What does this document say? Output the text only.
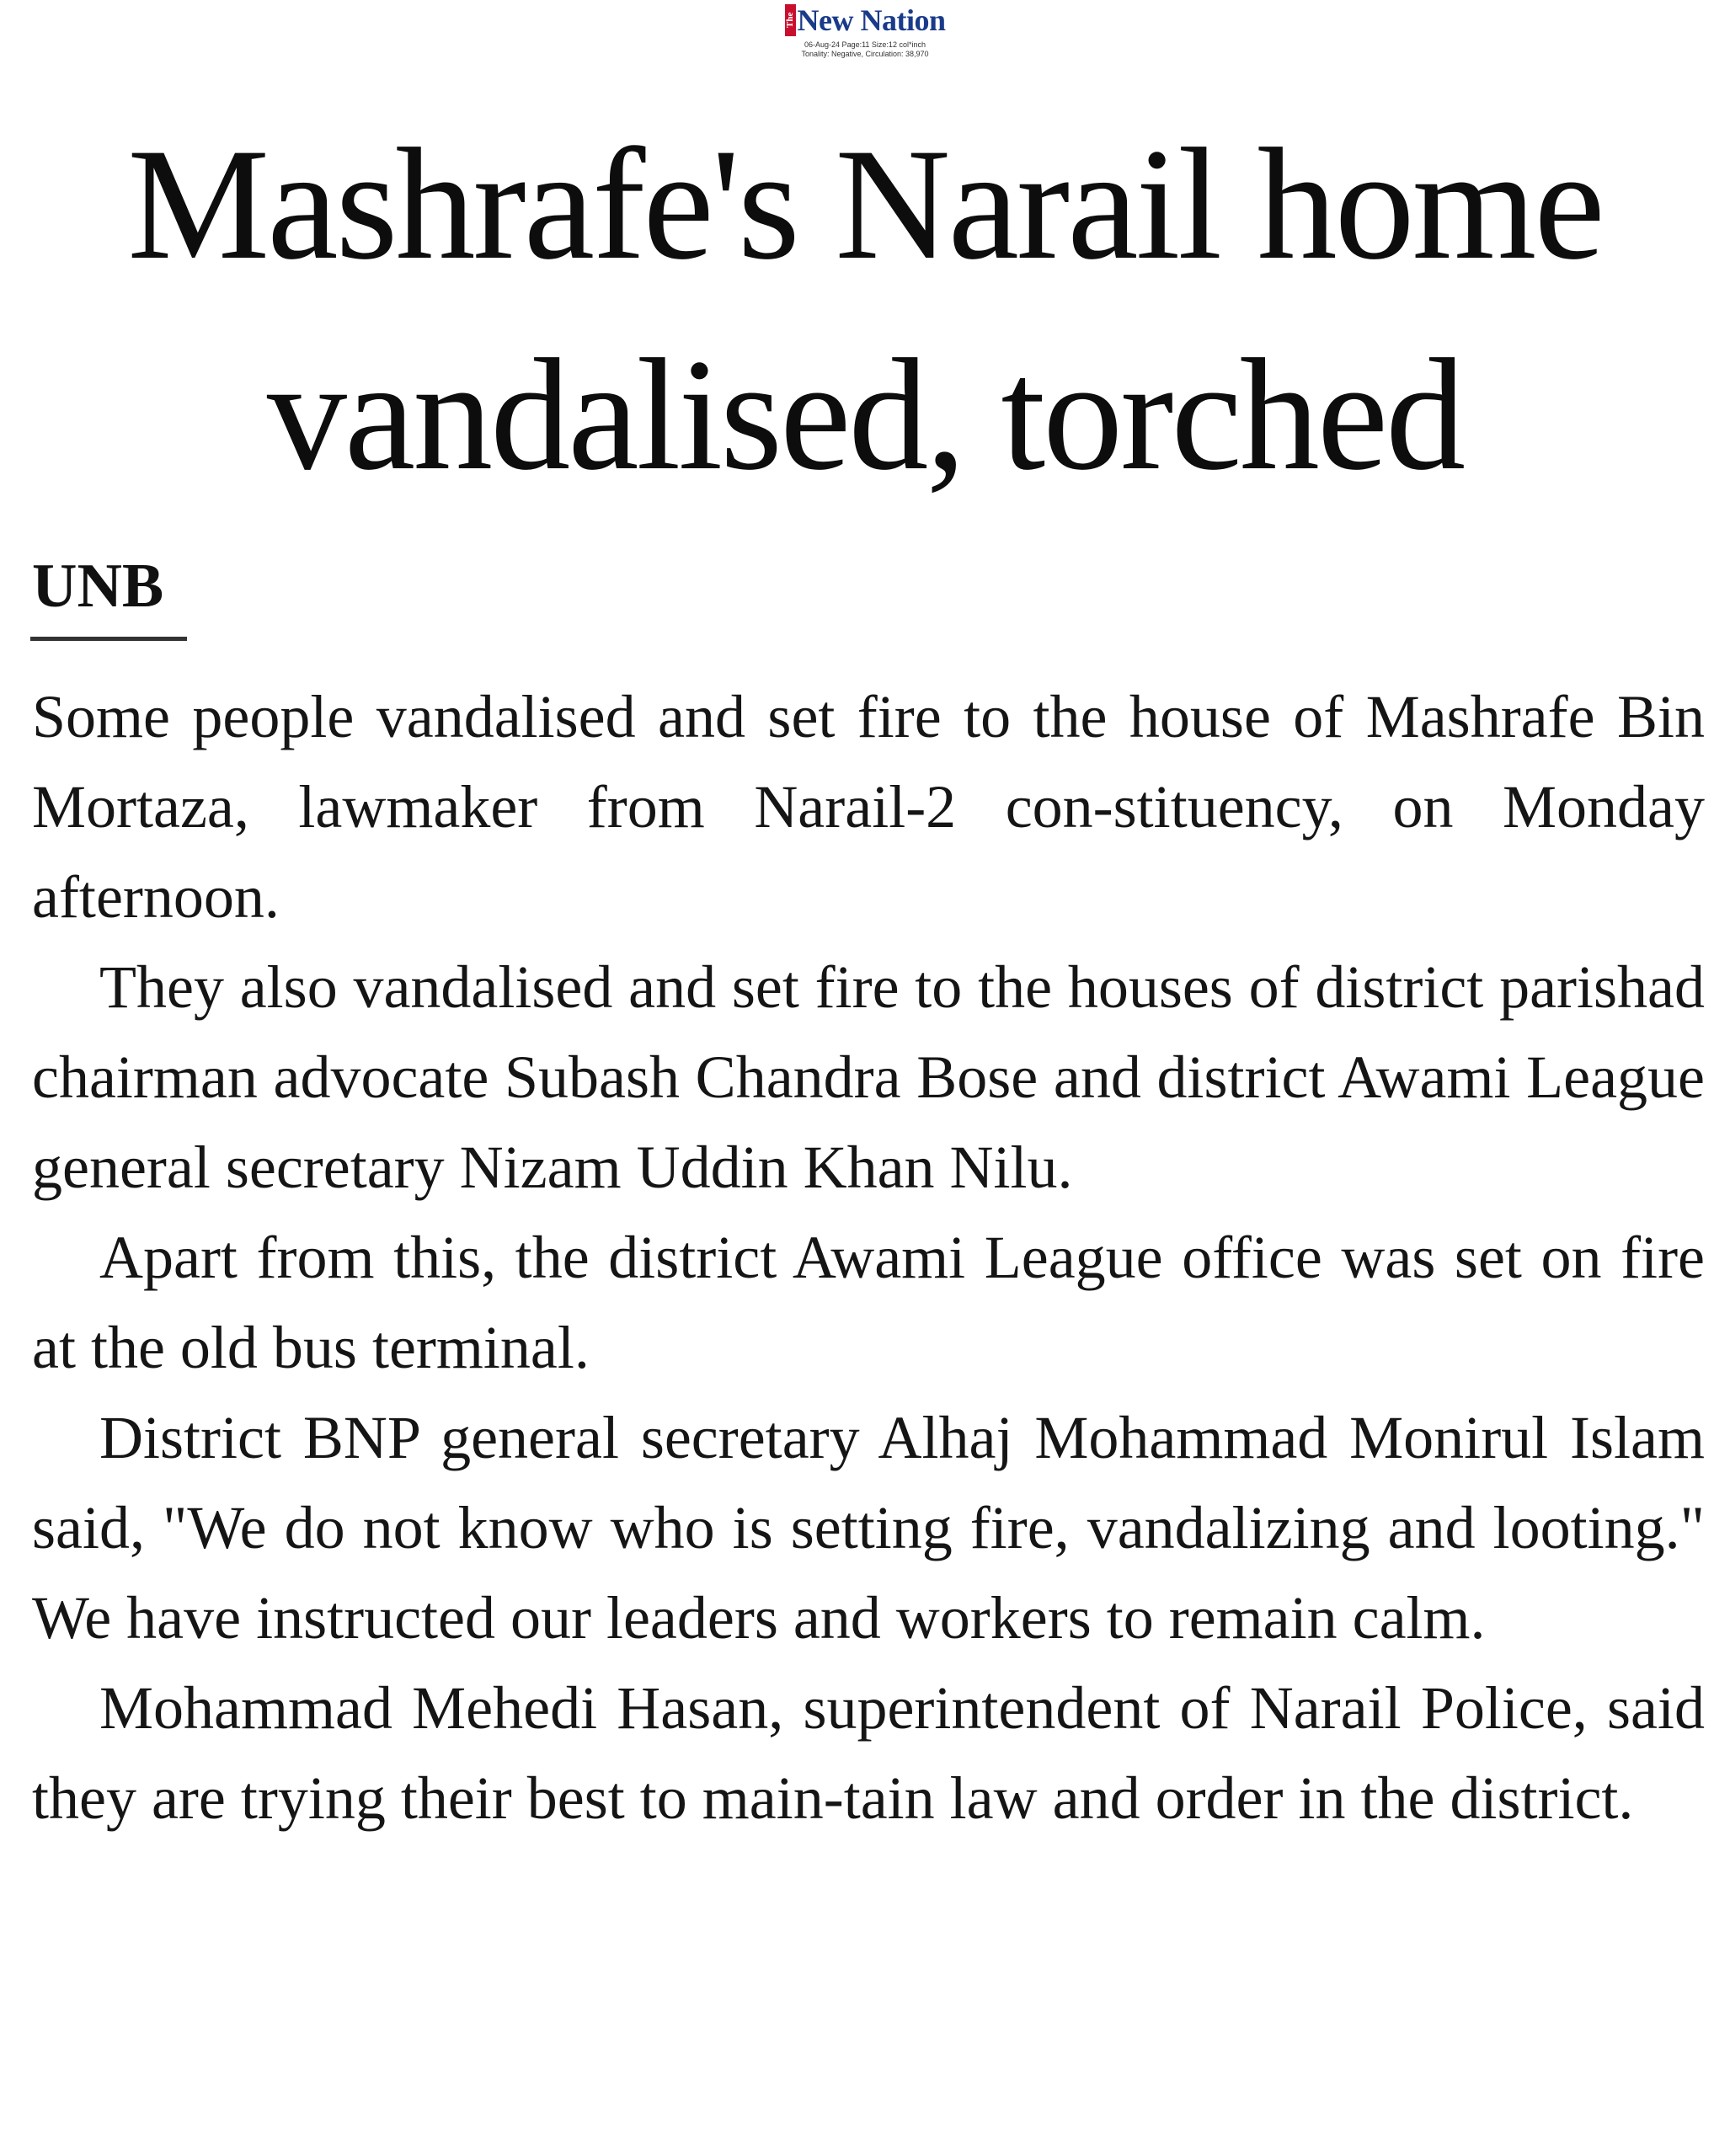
The New Nation
06-Aug-24 Page:11 Size:12 col*inch
Tonality: Negative, Circulation: 38,970
Mashrafe's Narail home vandalised, torched
UNB

Some people vandalised and set fire to the house of Mashrafe Bin Mortaza, lawmaker from Narail-2 con-stituency, on Monday afternoon.

They also vandalised and set fire to the houses of district parishad chairman advocate Subash Chandra Bose and district Awami League general secretary Nizam Uddin Khan Nilu.

Apart from this, the district Awami League office was set on fire at the old bus terminal.

District BNP general secretary Alhaj Mohammad Monirul Islam said, "We do not know who is setting fire, vandalizing and looting." We have instructed our leaders and workers to remain calm.

Mohammad Mehedi Hasan, superintendent of Narail Police, said they are trying their best to main-tain law and order in the district.
